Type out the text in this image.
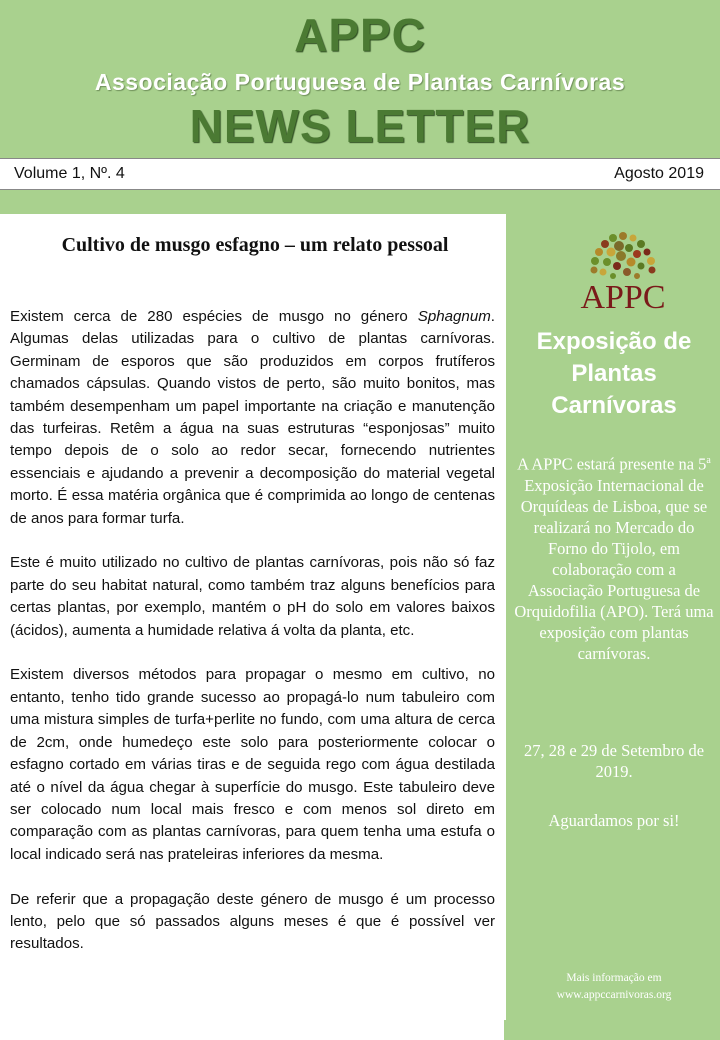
APPC
Associação Portuguesa de Plantas Carnívoras
NEWS LETTER
Volume 1, Nº. 4	Agosto 2019
Cultivo de musgo esfagno – um relato pessoal

Existem cerca de 280 espécies de musgo no género Sphagnum. Algumas delas utilizadas para o cultivo de plantas carnívoras. Germinam de esporos que são produzidos em corpos frutíferos chamados cápsulas. Quando vistos de perto, são muito bonitos, mas também desempenham um papel importante na criação e manutenção das turfeiras. Retêm a água na suas estruturas “esponjosas” muito tempo depois de o solo ao redor secar, fornecendo nutrientes essenciais e ajudando a prevenir a decomposição do material vegetal morto. É essa matéria orgânica que é comprimida ao longo de centenas de anos para formar turfa.

Este é muito utilizado no cultivo de plantas carnívoras, pois não só faz parte do seu habitat natural, como também traz alguns benefícios para certas plantas, por exemplo, mantém o pH do solo em valores baixos (ácidos), aumenta a humidade relativa á volta da planta, etc.

Existem diversos métodos para propagar o mesmo em cultivo, no entanto, tenho tido grande sucesso ao propagá-lo num tabuleiro com uma mistura simples de turfa+perlite no fundo, com uma altura de cerca de 2cm, onde humedeço este solo para posteriormente colocar o esfagno cortado em várias tiras e de seguida rego com água destilada até o nível da água chegar à superfície do musgo. Este tabuleiro deve ser colocado num local mais fresco e com menos sol direto em comparação com as plantas carnívoras, para quem tenha uma estufa o local indicado será nas prateleiras inferiores da mesma.

De referir que a propagação deste género de musgo é um processo lento, pelo que só passados alguns meses é que é possível ver resultados.

APPC
Exposição de Plantas Carnívoras
A APPC estará presente na 5$^a$ Exposição Internacional de Orquídeas de Lisboa, que se realizará no Mercado do Forno do Tijolo, em colaboração com a Associação Portuguesa de Orquidofilia (APO). Terá uma exposição com plantas carnívoras.
27, 28 e 29 de Setembro de 2019.
Aguardamos por si!
Mais informação em
www.appccarnivoras.org
